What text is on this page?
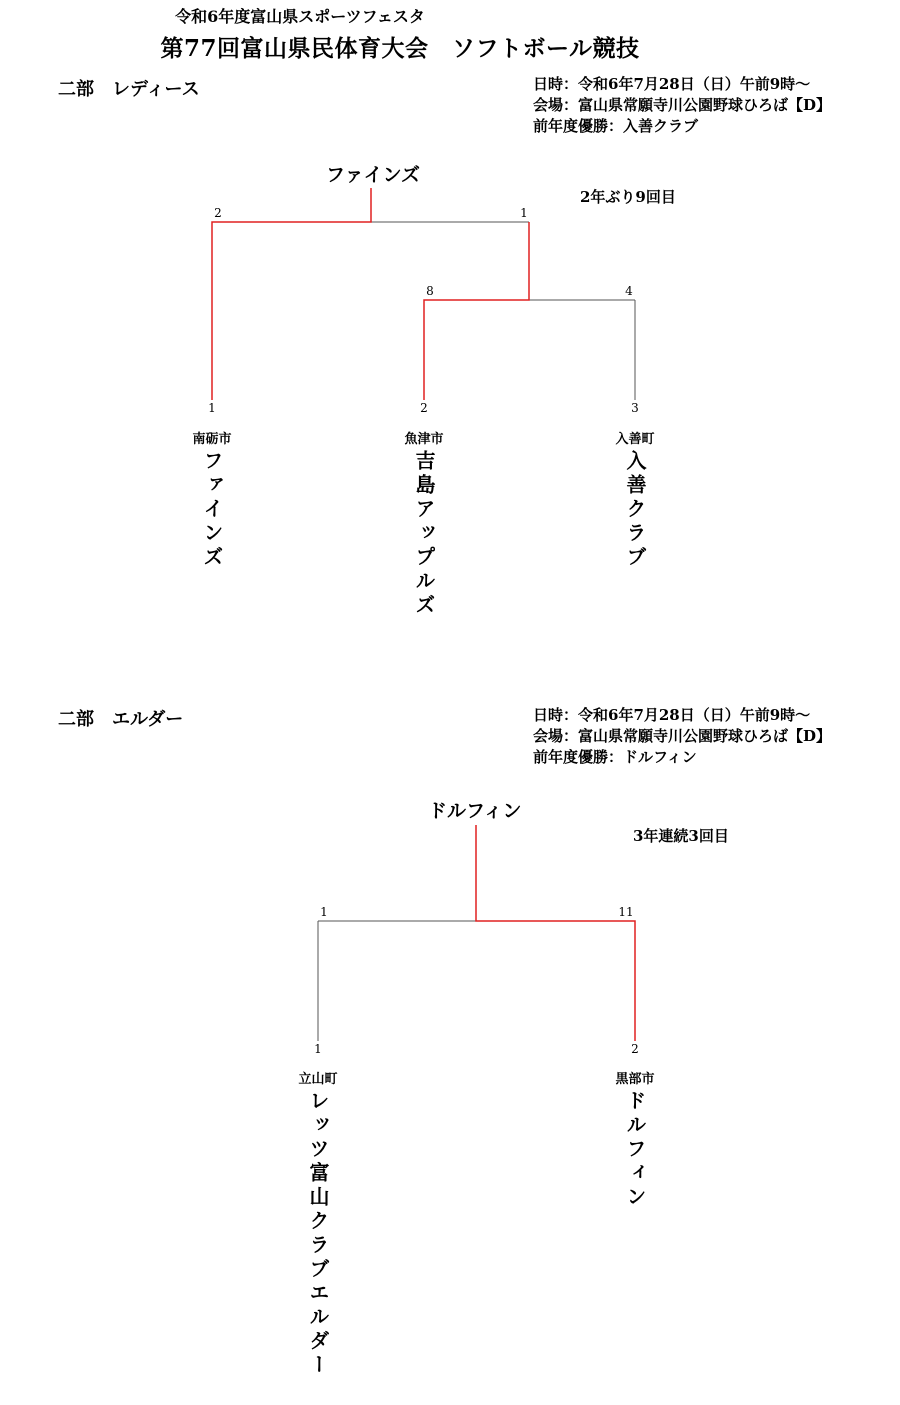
令和6年度富山県スポーツフェスタ
第77回富山県民体育大会　ソフトボール競技
二部　レディース	日時：令和6年7月28日（日）午前9時～
会場：富山県常願寺川公園野球ひろば【D】
前年度優勝：入善クラブ
ファインズ
2年ぶり9回目
2	1
8	4
1	2	3
南砺市	魚津市	入善町
ファインズ	吉島アップルズ	入善クラブ
二部　エルダー	日時：令和6年7月28日（日）午前9時～
会場：富山県常願寺川公園野球ひろば【D】
前年度優勝：ドルフィン
ドルフィン
3年連続3回目
1	11
1	2
立山町	黒部市
レッツ富山クラブエルダー	ドルフィン
